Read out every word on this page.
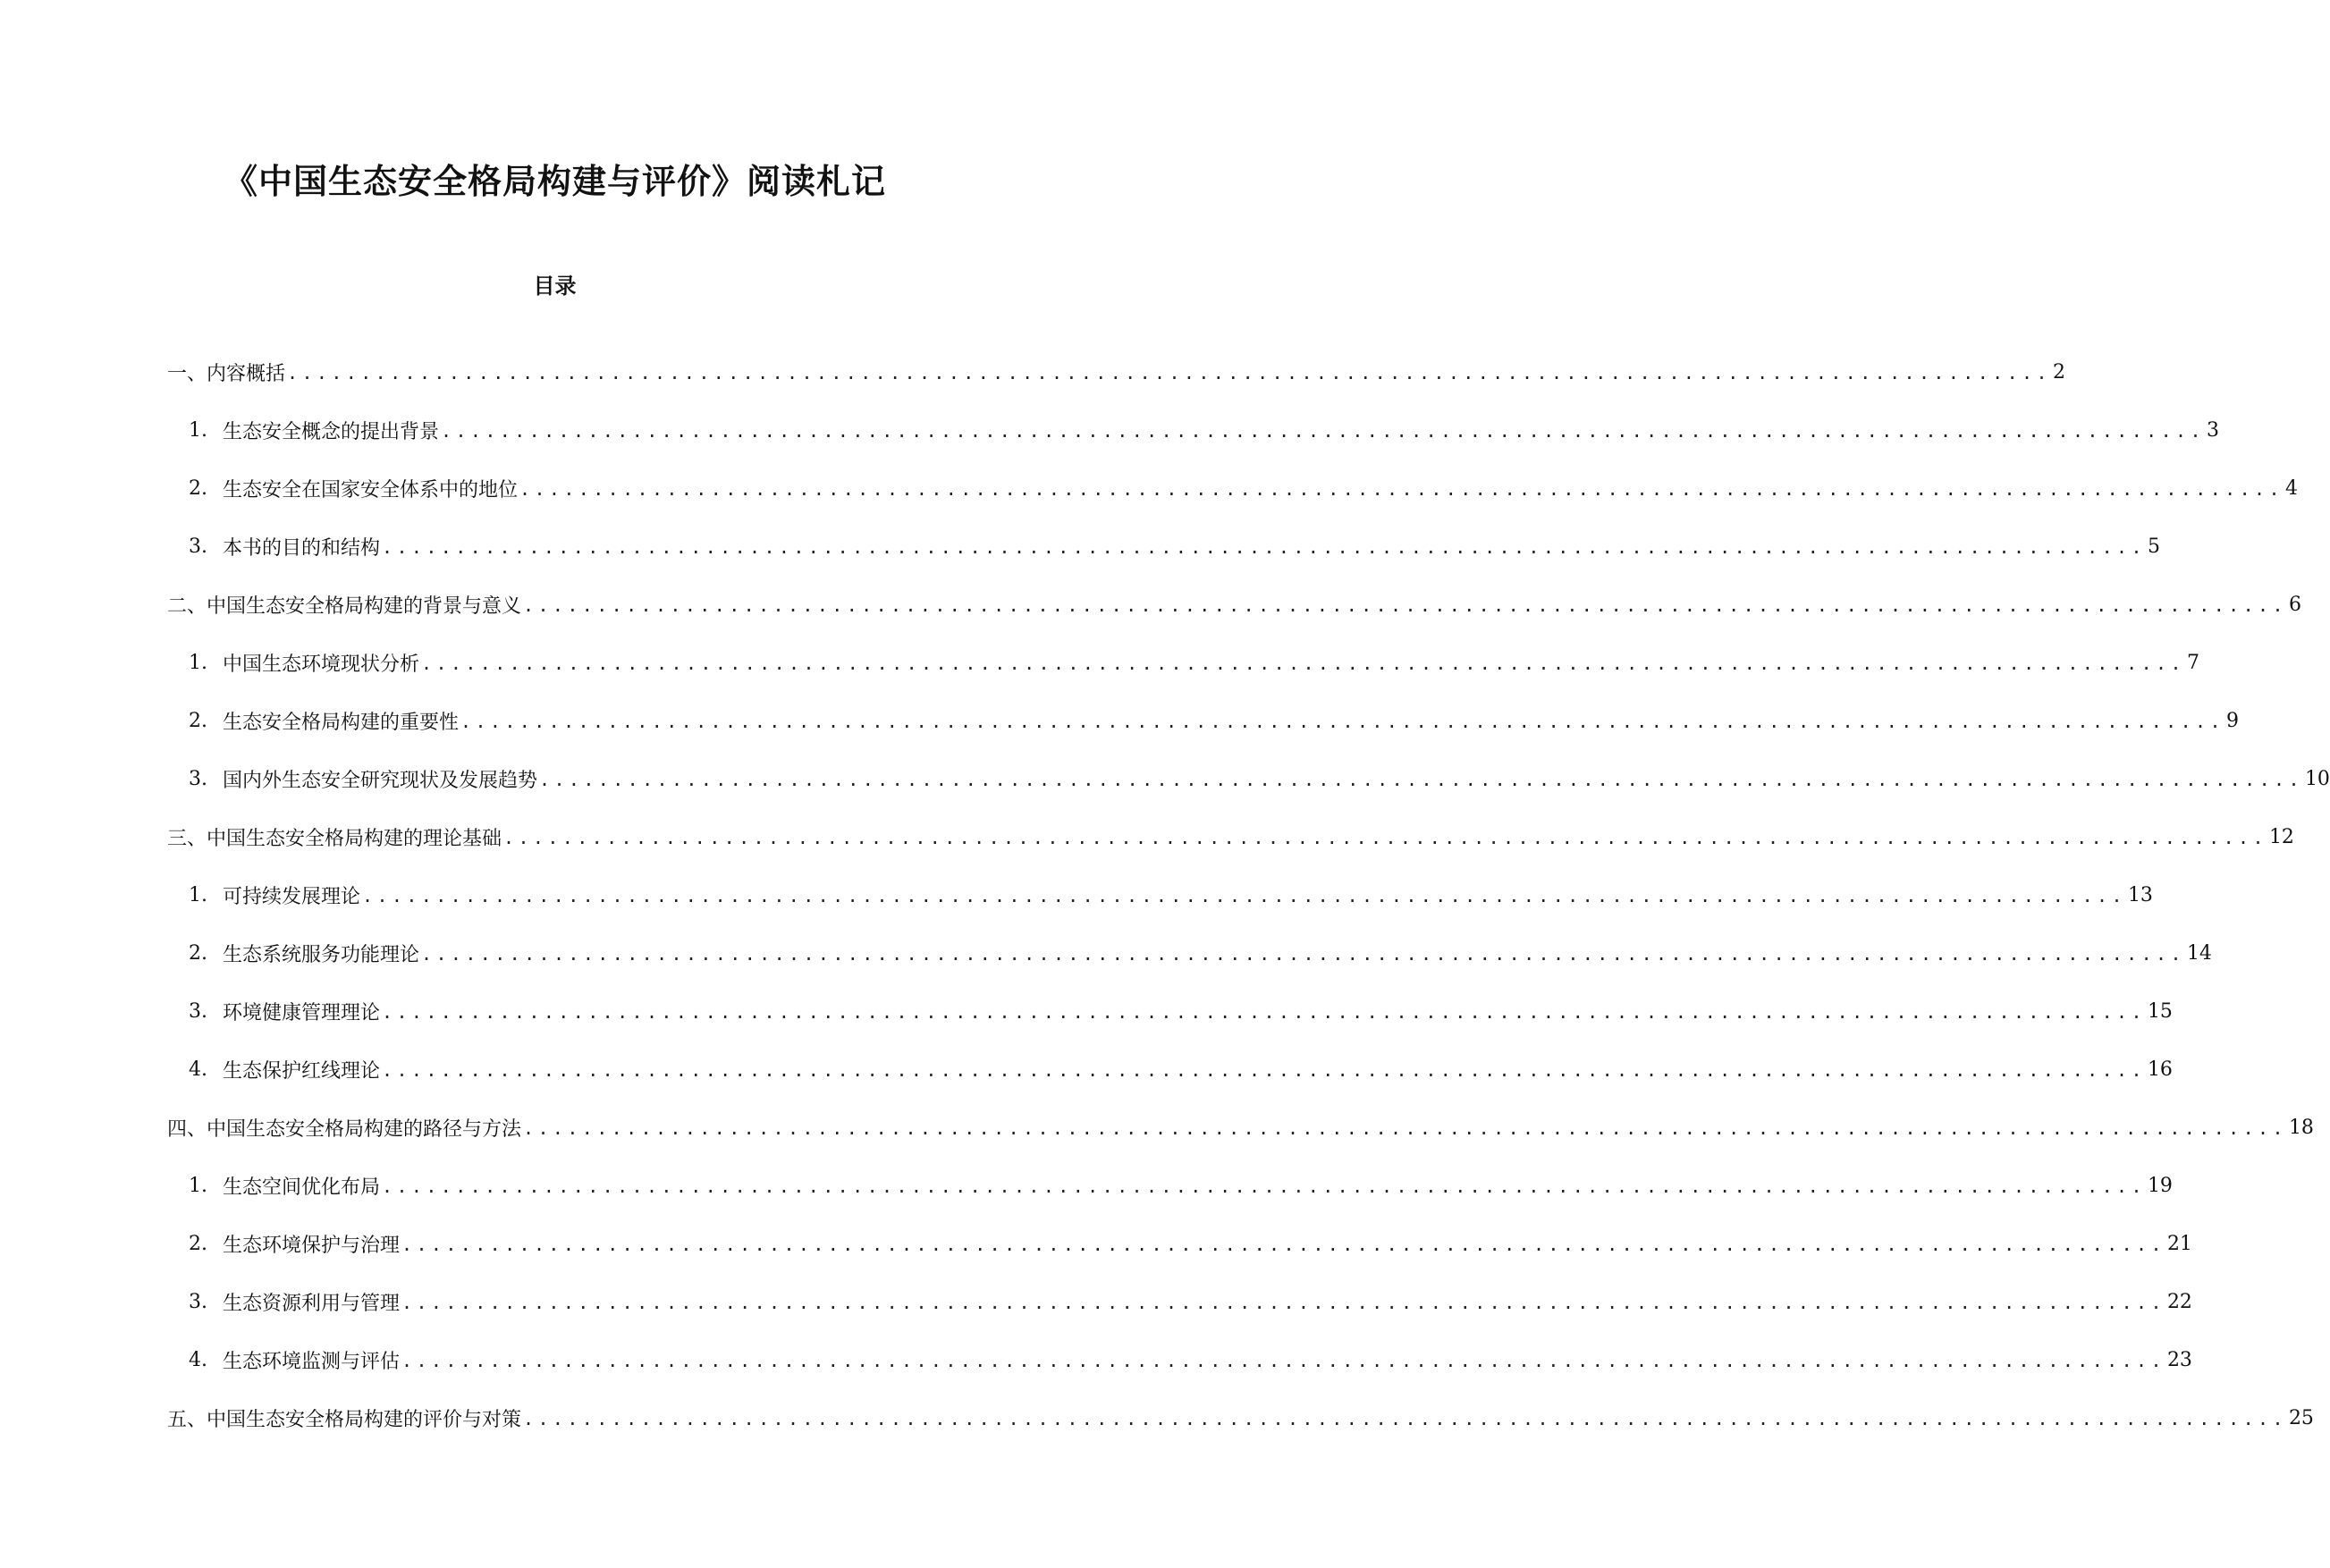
《中国生态安全格局构建与评价》阅读札记
目录
一、内容概括 ........................................................................................................................ 2
1. 生态安全概念的提出背景 ........................................................................................................................ 3
2. 生态安全在国家安全体系中的地位 ........................................................................................................................ 4
3. 本书的目的和结构 ........................................................................................................................ 5
二、中国生态安全格局构建的背景与意义 ........................................................................................................................ 6
1. 中国生态环境现状分析 ........................................................................................................................ 7
2. 生态安全格局构建的重要性 ........................................................................................................................ 9
3. 国内外生态安全研究现状及发展趋势 ........................................................................................................................ 10
三、中国生态安全格局构建的理论基础 ........................................................................................................................ 12
1. 可持续发展理论 ........................................................................................................................ 13
2. 生态系统服务功能理论 ........................................................................................................................ 14
3. 环境健康管理理论 ........................................................................................................................ 15
4. 生态保护红线理论 ........................................................................................................................ 16
四、中国生态安全格局构建的路径与方法 ........................................................................................................................ 18
1. 生态空间优化布局 ........................................................................................................................ 19
2. 生态环境保护与治理 ........................................................................................................................ 21
3. 生态资源利用与管理 ........................................................................................................................ 22
4. 生态环境监测与评估 ........................................................................................................................ 23
五、中国生态安全格局构建的评价与对策 ........................................................................................................................ 25
